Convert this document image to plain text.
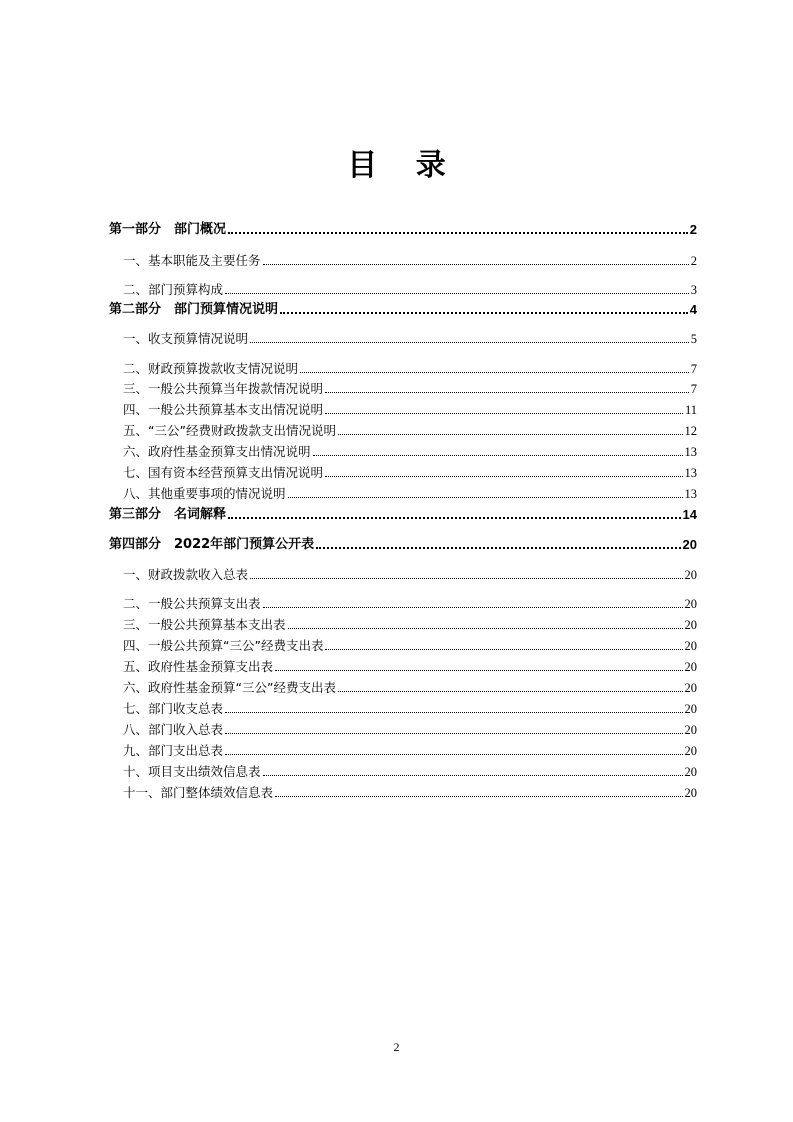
目 录
第一部分　部门概况	2
一、基本职能及主要任务	2
二、部门预算构成	3
第二部分　部门预算情况说明	4
一、收支预算情况说明	5
二、财政预算拨款收支情况说明	7
三、一般公共预算当年拨款情况说明	7
四、一般公共预算基本支出情况说明	11
五、“三公”经费财政拨款支出情况说明	12
六、政府性基金预算支出情况说明	13
七、国有资本经营预算支出情况说明	13
八、其他重要事项的情况说明	13
第三部分　名词解释	14
第四部分　2022年部门预算公开表	20
一、财政拨款收入总表	20
二、一般公共预算支出表	20
三、一般公共预算基本支出表	20
四、一般公共预算“三公”经费支出表	20
五、政府性基金预算支出表	20
六、政府性基金预算“三公”经费支出表	20
七、部门收支总表	20
八、部门收入总表	20
九、部门支出总表	20
十、项目支出绩效信息表	20
十一、部门整体绩效信息表	20
2
